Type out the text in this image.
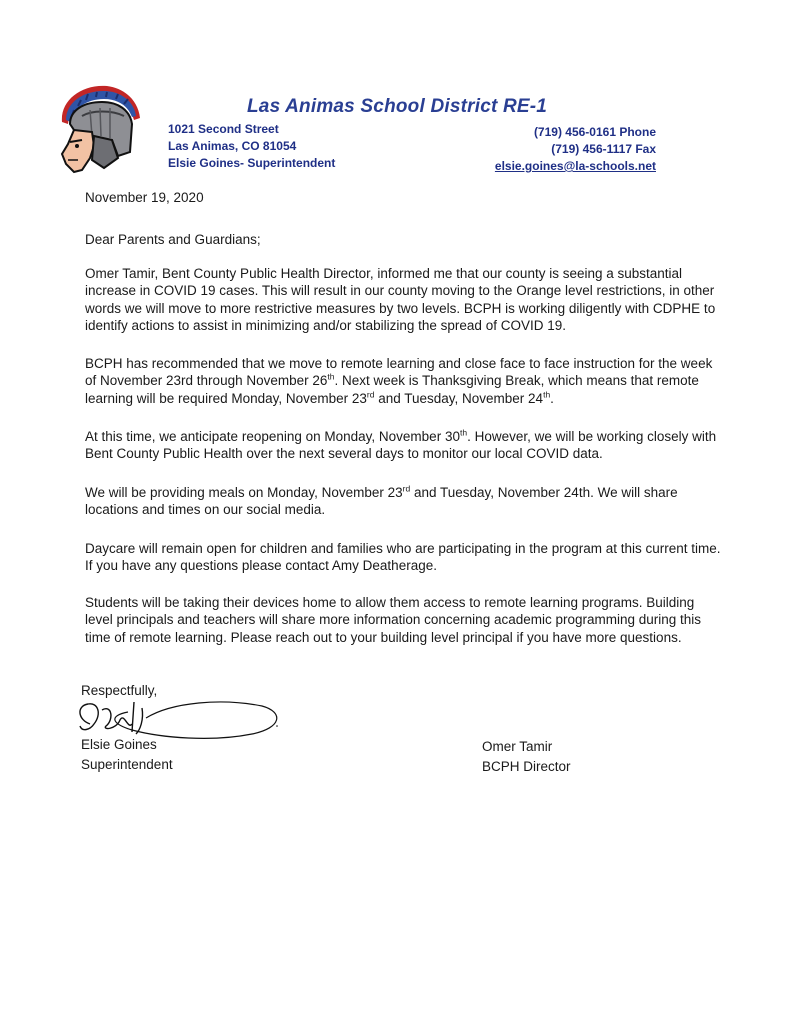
Las Animas School District RE-1
1021 Second Street
Las Animas, CO 81054
Elsie Goines- Superintendent
(719) 456-0161 Phone
(719) 456-1117 Fax
elsie.goines@la-schools.net
November 19, 2020
Dear Parents and Guardians;
Omer Tamir, Bent County Public Health Director, informed me that our county is seeing a substantial increase in COVID 19 cases. This will result in our county moving to the Orange level restrictions, in other words we will move to more restrictive measures by two levels. BCPH is working diligently with CDPHE to identify actions to assist in minimizing and/or stabilizing the spread of COVID 19.
BCPH has recommended that we move to remote learning and close face to face instruction for the week of November 23rd through November 26th. Next week is Thanksgiving Break, which means that remote learning will be required Monday, November 23rd and Tuesday, November 24th.
At this time, we anticipate reopening on Monday, November 30th. However, we will be working closely with Bent County Public Health over the next several days to monitor our local COVID data.
We will be providing meals on Monday, November 23rd and Tuesday, November 24th. We will share locations and times on our social media.
Daycare will remain open for children and families who are participating in the program at this current time. If you have any questions please contact Amy Deatherage.
Students will be taking their devices home to allow them access to remote learning programs. Building level principals and teachers will share more information concerning academic programming during this time of remote learning. Please reach out to your building level principal if you have more questions.
Respectfully,
Elsie Goines
Superintendent
Omer Tamir
BCPH Director
